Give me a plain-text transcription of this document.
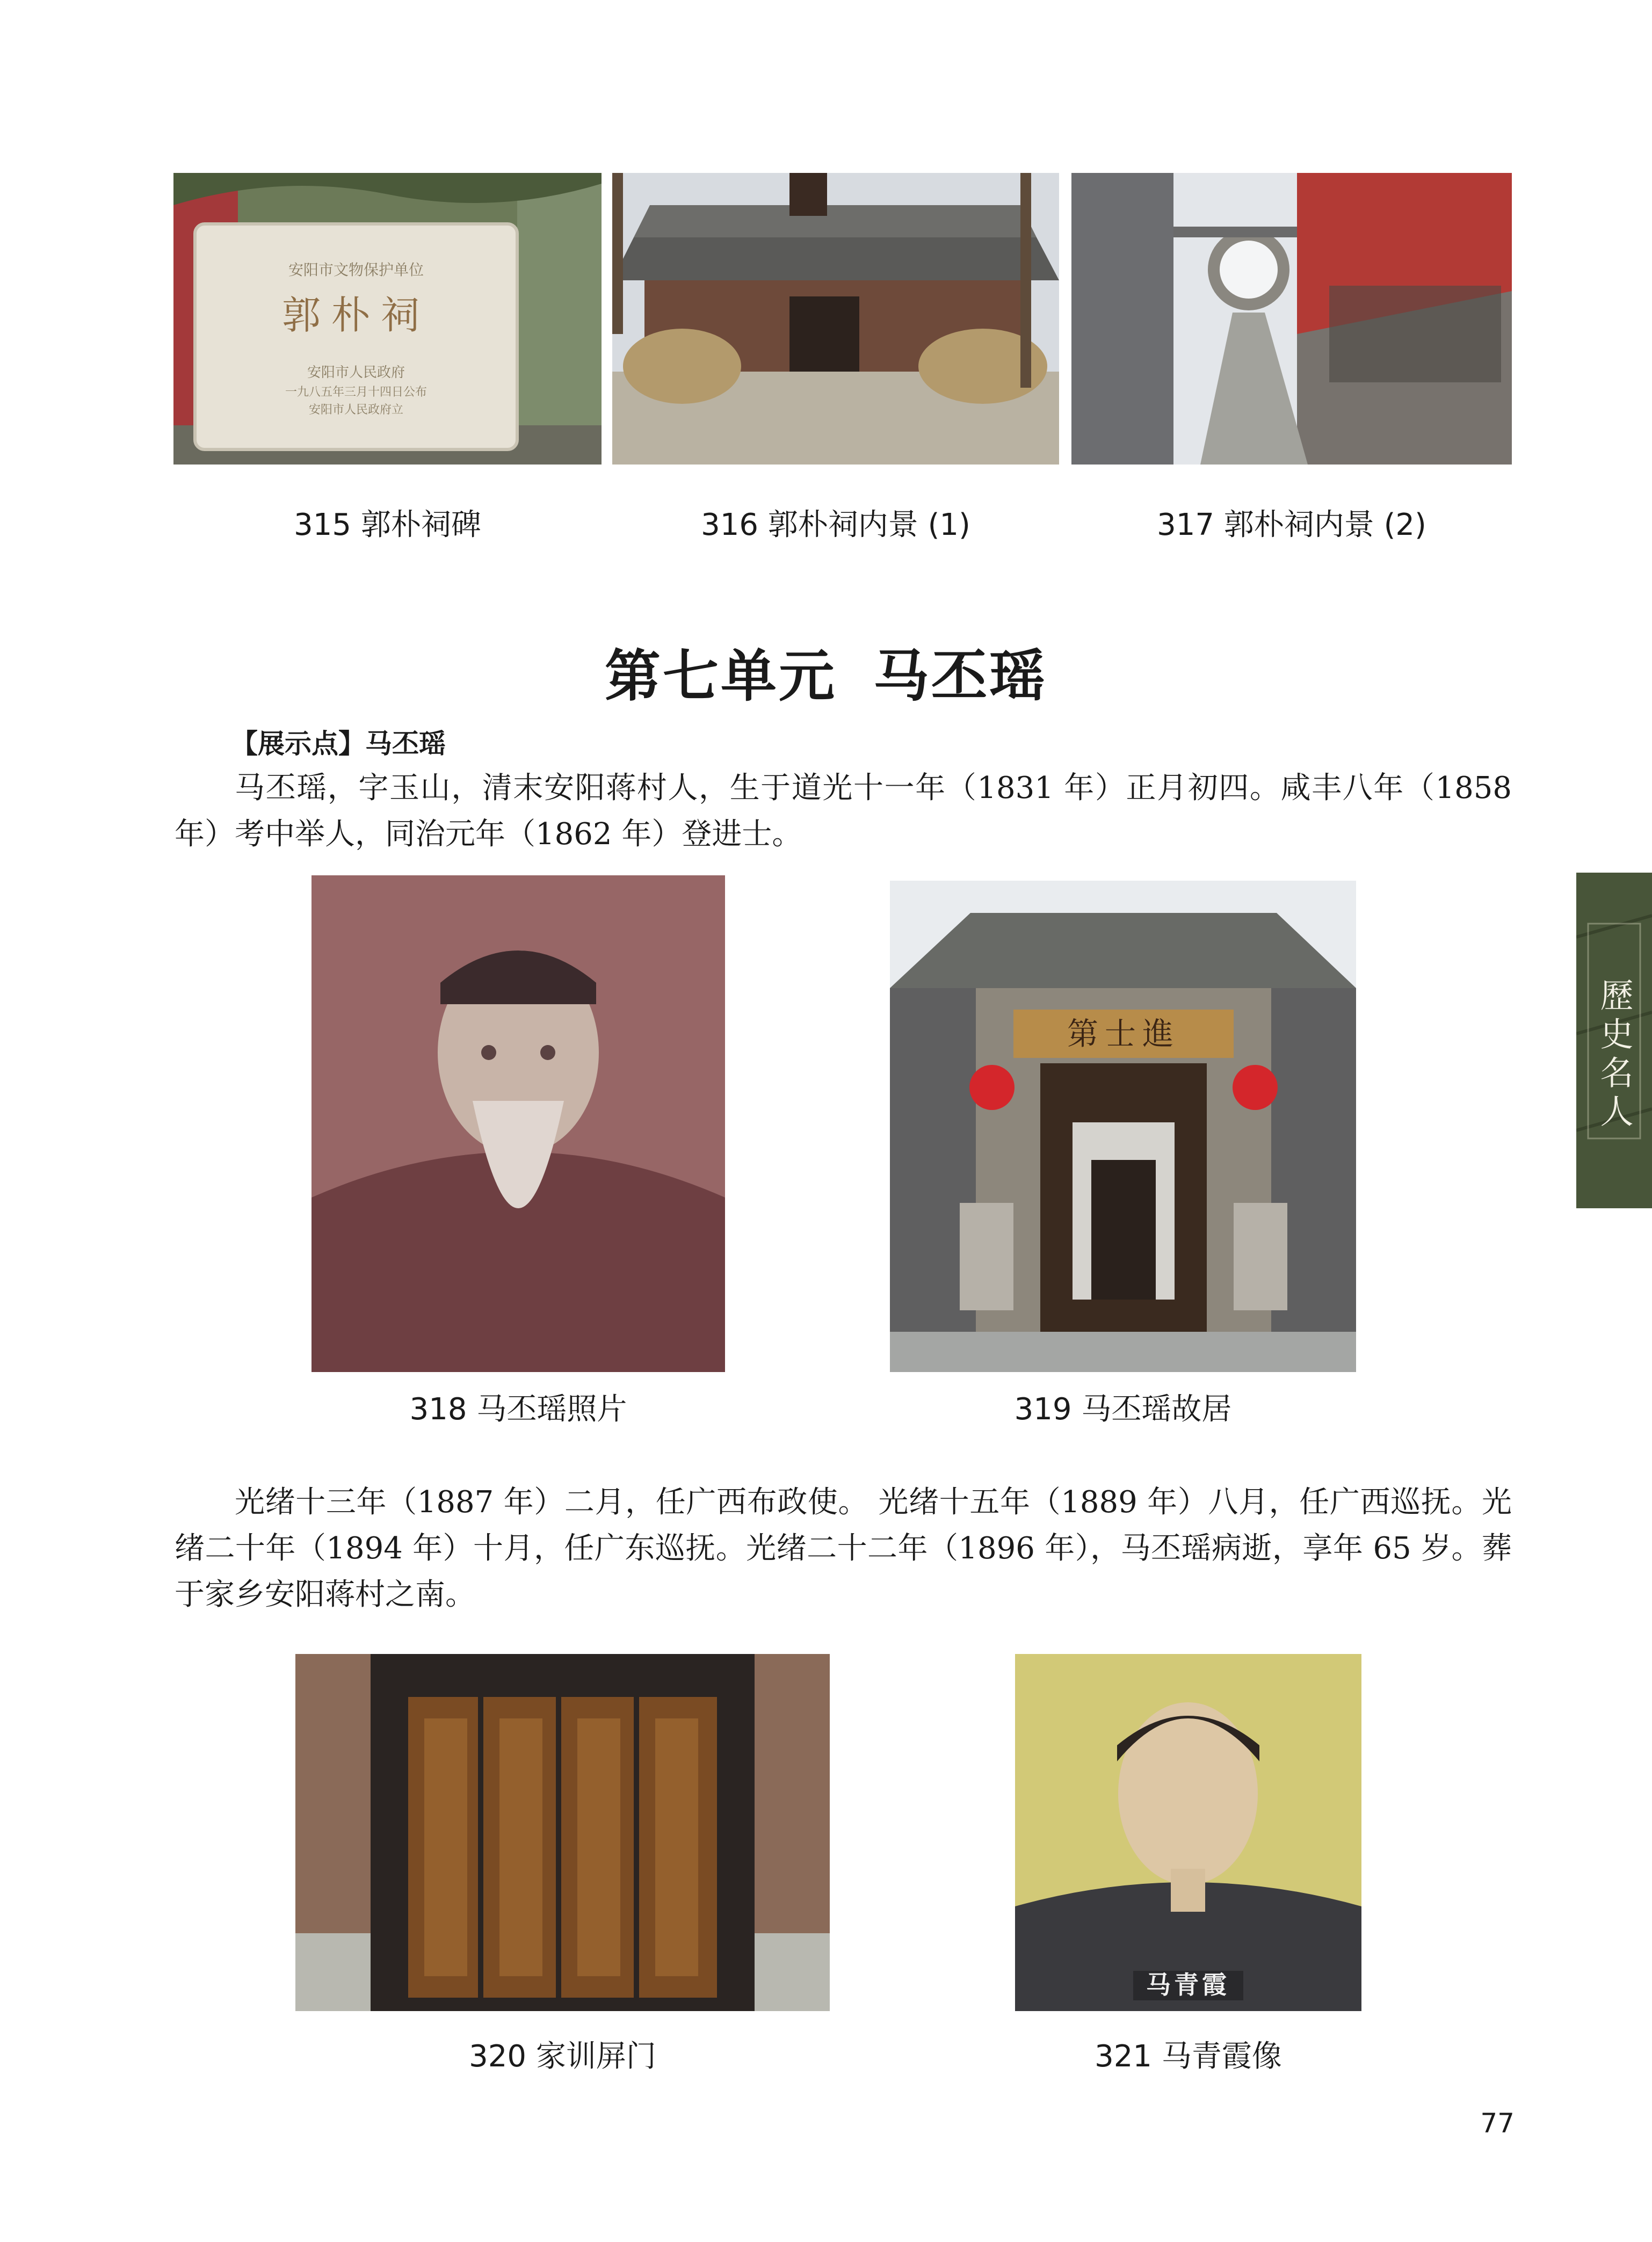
安阳市文物保护单位
郭朴祠
安阳市人民政府
一九八五年三月十四日公布
安阳市人民政府立
315 郭朴祠碑	316 郭朴祠内景 (1)	317 郭朴祠内景 (2)
第七单元 马丕瑶
【展示点】马丕瑶

马丕瑶，字玉山，清末安阳蒋村人，生于道光十一年（1831 年）正月初四。咸丰八年（1858 年）考中举人，同治元年（1862 年）登进士。

第士進
318 马丕瑶照片	319 马丕瑶故居

光绪十三年（1887 年）二月，任广西布政使。 光绪十五年（1889 年）八月，任广西巡抚。光绪二十年（1894 年）十月，任广东巡抚。光绪二十二年（1896 年），马丕瑶病逝，享年 65 岁。葬于家乡安阳蒋村之南。

马青霞
320 家训屏门	321 马青霞像
歷史名人
77
